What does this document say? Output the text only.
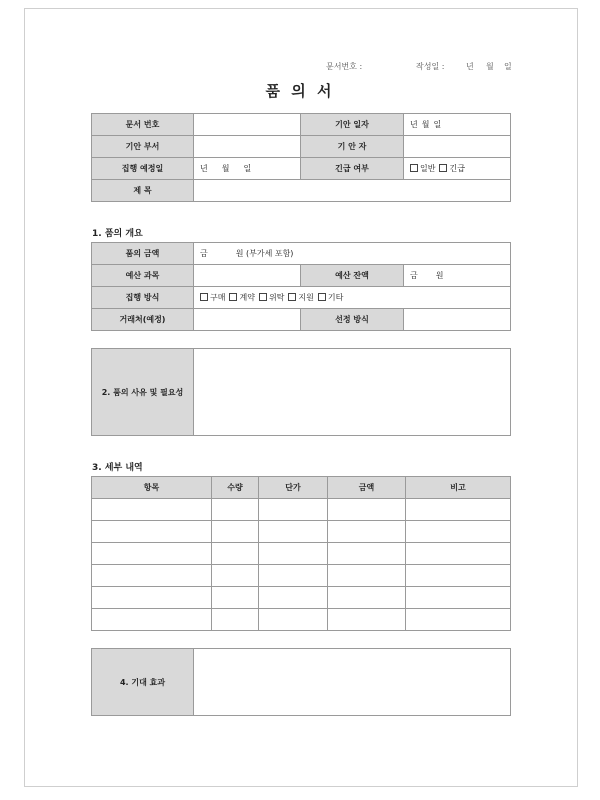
문서번호 :	작성일 :	년 월 일
품 의 서
문서 번호		기안 일자	년 월 일
기안 부서		기 안 자	
집행 예정일	년 월 일	긴급 여부	일반 긴급
제 목			
1. 품의 개요
품의 금액	금 원 (부가세 포함)		
예산 과목		예산 잔액	금 원
집행 방식	구매 계약 위탁 지원 기타		
거래처(예정)		선정 방식	
2. 품의 사유 및 필요성	
3. 세부 내역
항목	수량	단가	금액	비고

4. 기대 효과	
